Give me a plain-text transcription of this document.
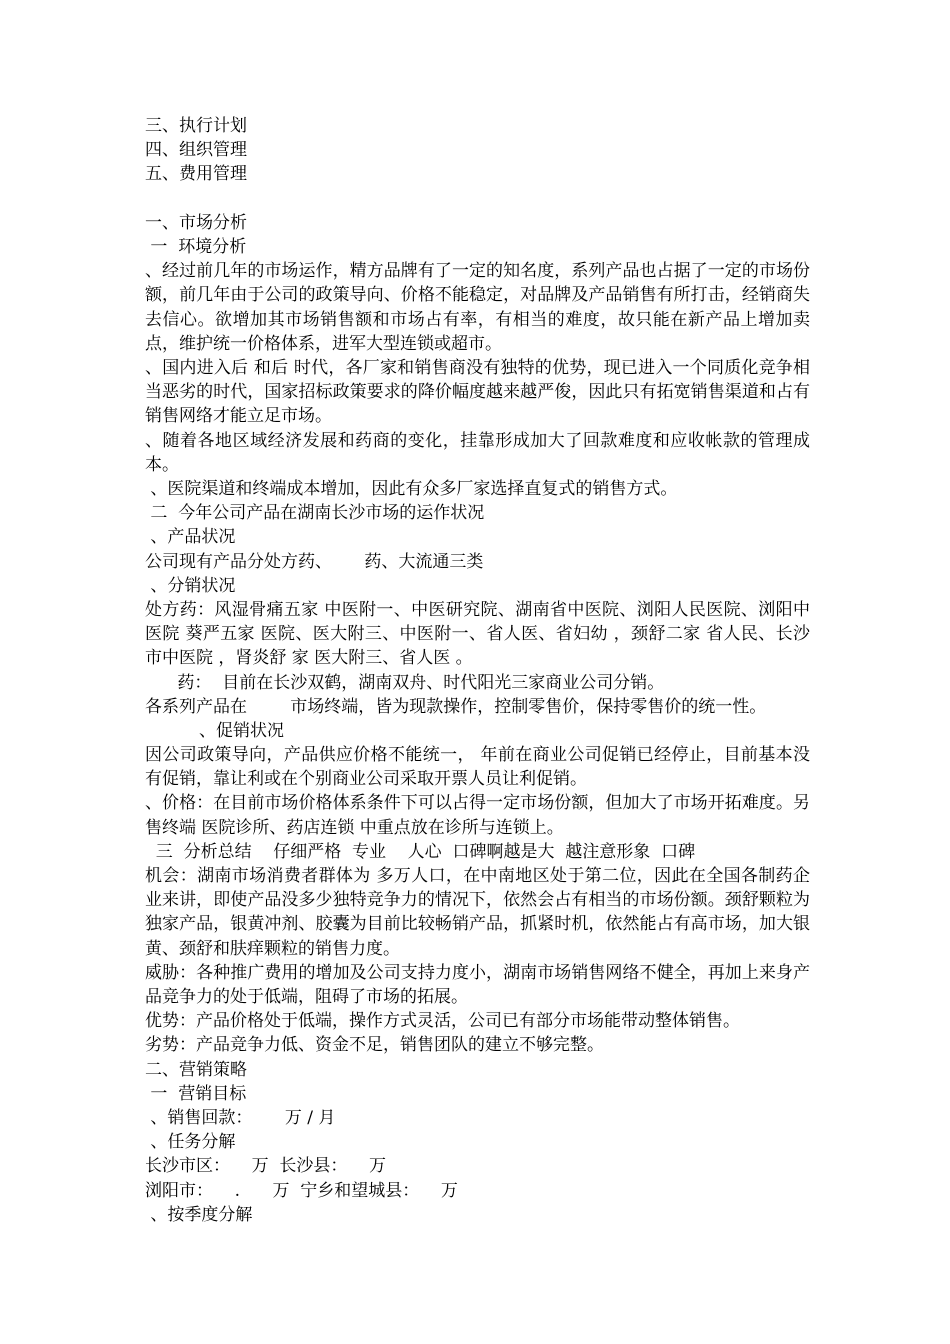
三、执行计划
四、组织管理
五、费用管理
一、市场分析
一  环境分析

、经过前几年的市场运作，精方品牌有了一定的知名度，系列产品也占据了一定的市场份额，前几年由于公司的政策导向、价格不能稳定，对品牌及产品销售有所打击，经销商失去信心。欲增加其市场销售额和市场占有率，有相当的难度，故只能在新产品上增加卖点，维护统一价格体系，进军大型连锁或超市。

、国内进入后 和后 时代，各厂家和销售商没有独特的优势，现已进入一个同质化竞争相当恶劣的时代，国家招标政策要求的降价幅度越来越严俊，因此只有拓宽销售渠道和占有销售网络才能立足市场。

、随着各地区域经济发展和药商的变化，挂靠形成加大了回款难度和应收帐款的管理成本。

、医院渠道和终端成本增加，因此有众多厂家选择直复式的销售方式。
二  今年公司产品在湖南长沙市场的运作状况
、产品状况
公司现有产品分处方药、      药、大流通三类
、分销状况

处方药：风湿骨痛五家 中医附一、中医研究院、湖南省中医院、浏阳人民医院、浏阳中医院 葵严五家 医院、医大附三、中医附一、省人医、省妇幼 ，颈舒二家 省人民、长沙市中医院 ，肾炎舒 家 医大附三、省人医 。

药：  目前在长沙双鹤，湖南双舟、时代阳光三家商业公司分销。
各系列产品在        市场终端，皆为现款操作，控制零售价，保持零售价的统一性。
、促销状况

因公司政策导向，产品供应价格不能统一， 年前在商业公司促销已经停止，目前基本没有促销，靠让利或在个别商业公司采取开票人员让利促销。

、价格：在目前市场价格体系条件下可以占得一定市场份额，但加大了市场开拓难度。另售终端 医院诊所、药店连锁 中重点放在诊所与连锁上。

三  分析总结    仔细严格  专业    人心  口碑啊越是大  越注意形象  口碑

机会：湖南市场消费者群体为 多万人口，在中南地区处于第二位，因此在全国各制药企业来讲，即使产品没多少独特竞争力的情况下，依然会占有相当的市场份额。颈舒颗粒为独家产品，银黄冲剂、胶囊为目前比较畅销产品，抓紧时机，依然能占有高市场，加大银黄、颈舒和肤痒颗粒的销售力度。

威胁：各种推广费用的增加及公司支持力度小，湖南市场销售网络不健全，再加上来身产品竞争力的处于低端，阻碍了市场的拓展。

优势：产品价格处于低端，操作方式灵活，公司已有部分市场能带动整体销售。
劣势：产品竞争力低、资金不足，销售团队的建立不够完整。
二、营销策略
一  营销目标
、销售回款：      万 / 月
、任务分解
长沙市区：    万  长沙县：    万
浏阳市：    .      万  宁乡和望城县：    万
、按季度分解
